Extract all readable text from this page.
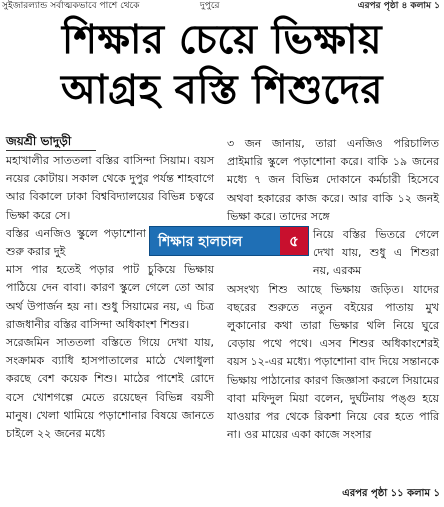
সুইজারল্যান্ড সর্বাত্মকভাবে পাশে থেকে	দুপুরে	এরপর পৃষ্ঠা ৪ কলাম ১
শিক্ষার চেয়ে ভিক্ষায়
আগ্রহ বস্তি শিশুদের
জয়শ্রী ভাদুড়ী

মহাখালীর সাততলা বস্তির বাসিন্দা সিয়াম। বয়স নয়ের কোটায়। সকাল থেকে দুপুর পর্যন্ত শাহবাগে আর বিকালে ঢাকা বিশ্ববিদ্যালয়ের বিভিন্ন চত্বরে ভিক্ষা করে সে।

বস্তির এনজিও স্কুলে পড়াশোনা শুরু করার দুই

মাস পার হতেই পড়ার পাট চুকিয়ে ভিক্ষায় পাঠিয়ে দেন বাবা। কারণ স্কুলে গেলে তো আর অর্থ উপার্জন হয় না। শুধু সিয়ামের নয়, এ চিত্র রাজধানীর বস্তির বাসিন্দা অধিকাংশ শিশুর।

সরেজমিন সাততলা বস্তিতে গিয়ে দেখা যায়, সংক্রামক ব্যাধি হাসপাতালের মাঠে খেলাধুলা করছে বেশ কয়েক শিশু। মাঠের পাশেই রোদে বসে খোশগল্পে মেতে রয়েছেন বিভিন্ন বয়সী মানুষ। খেলা থামিয়ে পড়াশোনার বিষয়ে জানতে চাইলে ২২ জনের মধ্যে

৩ জন জানায়, তারা এনজিও পরিচালিত প্রাইমারি স্কুলে পড়াশোনা করে। বাকি ১৯ জনের মধ্যে ৭ জন বিভিন্ন দোকানে কর্মচারী হিসেবে অথবা হকারের কাজ করে। আর বাকি ১২ জনই ভিক্ষা করে। তাদের সঙ্গে

নিয়ে বস্তির ভিতরে গেলে দেখা যায়, শুধু এ শিশুরা নয়, এরকম

অসংখ্য শিশু আছে ভিক্ষায় জড়িত। যাদের বছরের শুরুতে নতুন বইয়ের পাতায় মুখ লুকানোর কথা তারা ভিক্ষার থলি নিয়ে ঘুরে বেড়ায় পথে পথে। এসব শিশুর অধিকাংশেরই বয়স ১২-এর মধ্যে। পড়াশোনা বাদ দিয়ে সন্তানকে ভিক্ষায় পাঠানোর কারণ জিজ্ঞাসা করলে সিয়ামের বাবা মফিদুল মিয়া বলেন, দুর্ঘটনায় পঙ্গু হয়ে যাওয়ার পর থেকে রিকশা নিয়ে বের হতে পারি না। ওর মায়ের একা কাজে সংসার

শিক্ষার হালচাল	৫
এরপর পৃষ্ঠা ১১ কলাম ১
